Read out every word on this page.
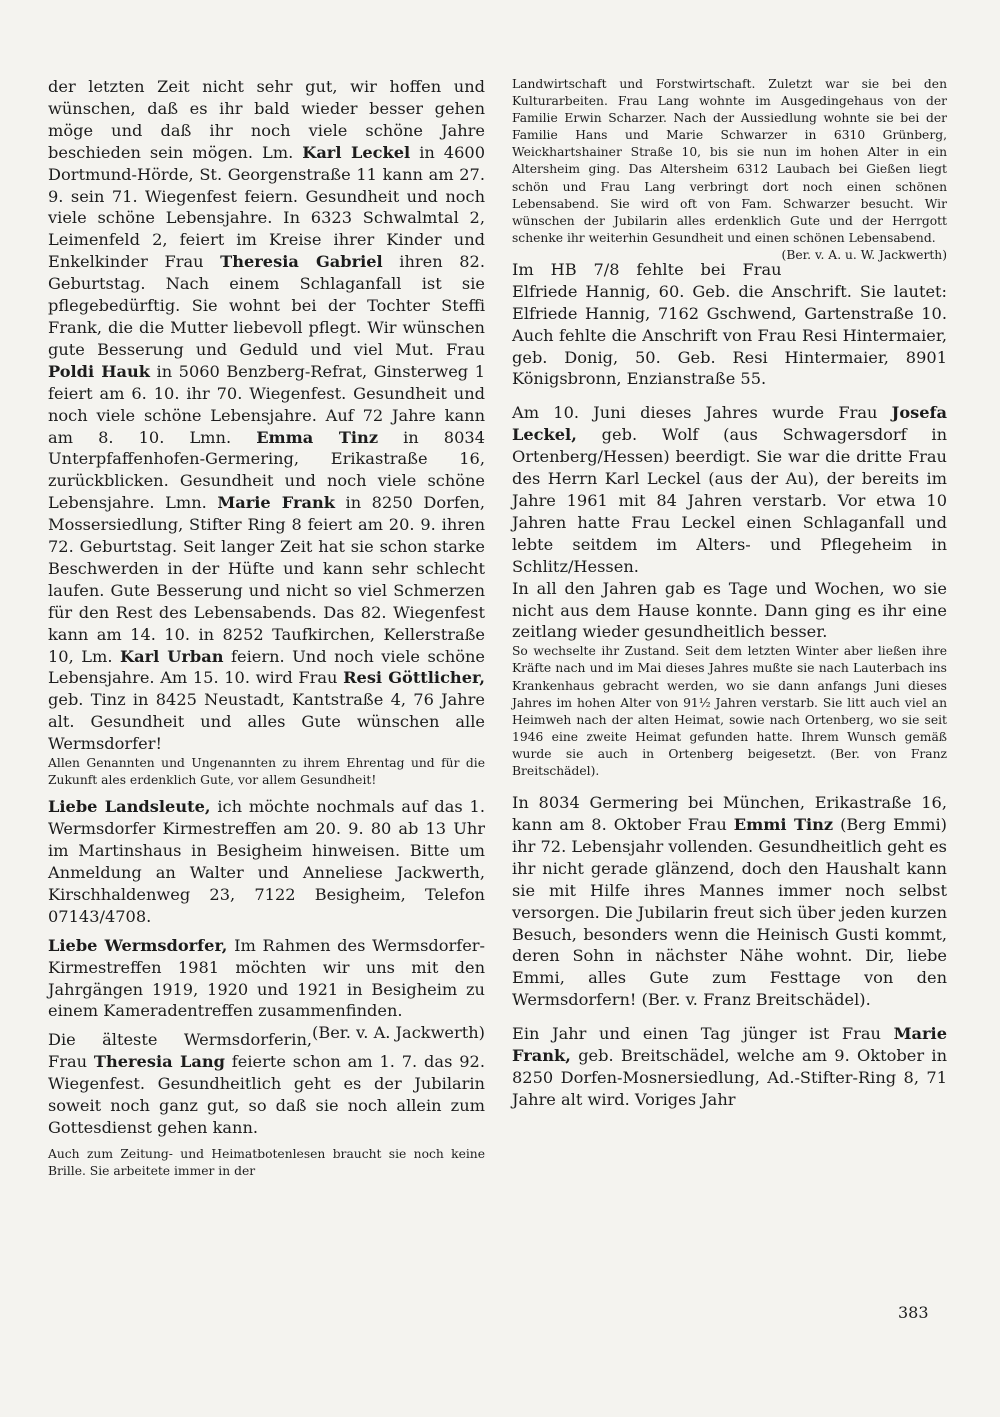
der letzten Zeit nicht sehr gut, wir hoffen und wünschen, daß es ihr bald wieder besser gehen möge und daß ihr noch viele schöne Jahre beschieden sein mögen. Lm. Karl Leckel in 4600 Dortmund-Hörde, St. Georgenstraße 11 kann am 27. 9. sein 71. Wiegenfest feiern. Gesundheit und noch viele schöne Lebensjahre. In 6323 Schwalmtal 2, Leimenfeld 2, feiert im Kreise ihrer Kinder und Enkelkinder Frau Theresia Gabriel ihren 82. Geburtstag. Nach einem Schlaganfall ist sie pflegebedürftig. Sie wohnt bei der Tochter Steffi Frank, die die Mutter liebevoll pflegt. Wir wünschen gute Besserung und Geduld und viel Mut. Frau Poldi Hauk in 5060 Benzberg-Refrat, Ginsterweg 1 feiert am 6. 10. ihr 70. Wiegenfest. Gesundheit und noch viele schöne Lebensjahre. Auf 72 Jahre kann am 8. 10. Lmn. Emma Tinz in 8034 Unterpfaffenhofen-Germering, Erikastraße 16, zurückblicken. Gesundheit und noch viele schöne Lebensjahre. Lmn. Marie Frank in 8250 Dorfen, Mossersiedlung, Stifter Ring 8 feiert am 20. 9. ihren 72. Geburtstag. Seit langer Zeit hat sie schon starke Beschwerden in der Hüfte und kann sehr schlecht laufen. Gute Besserung und nicht so viel Schmerzen für den Rest des Lebensabends. Das 82. Wiegenfest kann am 14. 10. in 8252 Taufkirchen, Kellerstraße 10, Lm. Karl Urban feiern. Und noch viele schöne Lebensjahre. Am 15. 10. wird Frau Resi Göttlicher, geb. Tinz in 8425 Neustadt, Kantstraße 4, 76 Jahre alt. Gesundheit und alles Gute wünschen alle Wermsdorfer!

Allen Genannten und Ungenannten zu ihrem Ehrentag und für die Zukunft ales erdenklich Gute, vor allem Gesundheit!

Liebe Landsleute, ich möchte nochmals auf das 1. Wermsdorfer Kirmestreffen am 20. 9. 80 ab 13 Uhr im Martinshaus in Besigheim hinweisen. Bitte um Anmeldung an Walter und Anneliese Jackwerth, Kirschhaldenweg 23, 7122 Besigheim, Telefon 07143/4708.

Liebe Wermsdorfer, Im Rahmen des Wermsdorfer-Kirmestreffen 1981 möchten wir uns mit den Jahrgängen 1919, 1920 und 1921 in Besigheim zu einem Kameradentreffen zusammenfinden.
(Ber. v. A. Jackwerth)

Die älteste Wermsdorferin, Frau Theresia Lang feierte schon am 1. 7. das 92. Wiegenfest. Gesundheitlich geht es der Jubilarin soweit noch ganz gut, so daß sie noch allein zum Gottesdienst gehen kann.

Auch zum Zeitung- und Heimatbotenlesen braucht sie noch keine Brille. Sie arbeitete immer in der

Landwirtschaft und Forstwirtschaft. Zuletzt war sie bei den Kulturarbeiten. Frau Lang wohnte im Ausgedingehaus von der Familie Erwin Scharzer. Nach der Aussiedlung wohnte sie bei der Familie Hans und Marie Schwarzer in 6310 Grünberg, Weickhartshainer Straße 10, bis sie nun im hohen Alter in ein Altersheim ging. Das Altersheim 6312 Laubach bei Gießen liegt schön und Frau Lang verbringt dort noch einen schönen Lebensabend. Sie wird oft von Fam. Schwarzer besucht. Wir wünschen der Jubilarin alles erdenklich Gute und der Herrgott schenke ihr weiterhin Gesundheit und einen schönen Lebensabend.
(Ber. v. A. u. W. Jackwerth)

Im HB 7/8 fehlte bei Frau Elfriede Hannig, 60. Geb. die Anschrift. Sie lautet: Elfriede Hannig, 7162 Gschwend, Gartenstraße 10. Auch fehlte die Anschrift von Frau Resi Hintermaier, geb. Donig, 50. Geb. Resi Hintermaier, 8901 Königsbronn, Enzianstraße 55.

Am 10. Juni dieses Jahres wurde Frau Josefa Leckel, geb. Wolf (aus Schwagersdorf in Ortenberg/Hessen) beerdigt. Sie war die dritte Frau des Herrn Karl Leckel (aus der Au), der bereits im Jahre 1961 mit 84 Jahren verstarb. Vor etwa 10 Jahren hatte Frau Leckel einen Schlaganfall und lebte seitdem im Alters- und Pflegeheim in Schlitz/Hessen.

In all den Jahren gab es Tage und Wochen, wo sie nicht aus dem Hause konnte. Dann ging es ihr eine zeitlang wieder gesundheitlich besser.

So wechselte ihr Zustand. Seit dem letzten Winter aber ließen ihre Kräfte nach und im Mai dieses Jahres mußte sie nach Lauterbach ins Krankenhaus gebracht werden, wo sie dann anfangs Juni dieses Jahres im hohen Alter von 91½ Jahren verstarb. Sie litt auch viel an Heimweh nach der alten Heimat, sowie nach Ortenberg, wo sie seit 1946 eine zweite Heimat gefunden hatte. Ihrem Wunsch gemäß wurde sie auch in Ortenberg beigesetzt. (Ber. von Franz Breitschädel).

In 8034 Germering bei München, Erikastraße 16, kann am 8. Oktober Frau Emmi Tinz (Berg Emmi) ihr 72. Lebensjahr vollenden. Gesundheitlich geht es ihr nicht gerade glänzend, doch den Haushalt kann sie mit Hilfe ihres Mannes immer noch selbst versorgen. Die Jubilarin freut sich über jeden kurzen Besuch, besonders wenn die Heinisch Gusti kommt, deren Sohn in nächster Nähe wohnt. Dir, liebe Emmi, alles Gute zum Festtage von den Wermsdorfern! (Ber. v. Franz Breitschädel).

Ein Jahr und einen Tag jünger ist Frau Marie Frank, geb. Breitschädel, welche am 9. Oktober in 8250 Dorfen-Mosnersiedlung, Ad.-Stifter-Ring 8, 71 Jahre alt wird. Voriges Jahr

383
